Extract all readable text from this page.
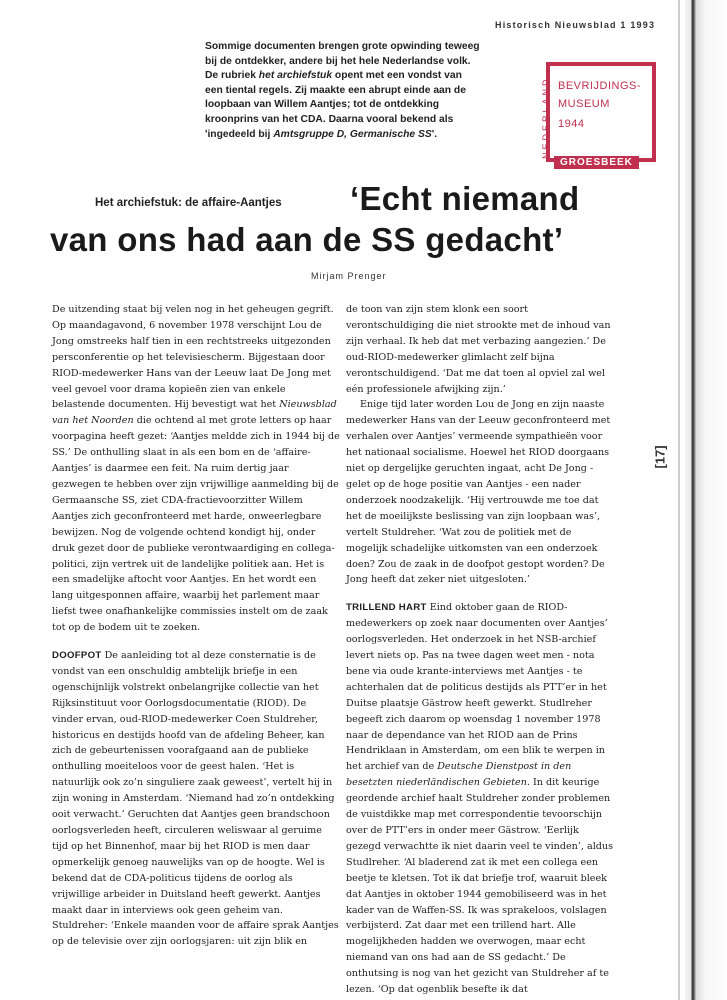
Historisch Nieuwsblad 1 1993
Sommige documenten brengen grote opwinding teweeg bij de ontdekker, andere bij het hele Nederlandse volk. De rubriek het archiefstuk opent met een vondst van een tiental regels. Zij maakte een abrupt einde aan de loopbaan van Willem Aantjes; tot de ontdekking kroonprins van het CDA. Daarna vooral bekend als 'ingedeeld bij Amtsgruppe D, Germanische SS'.	NEDERLAND BEVRIJDINGS-
MUSEUM
1944
GROESBEEK
Het archiefstuk: de affaire-Aantjes ‘Echt niemand
van ons had aan de SS gedacht’
Mirjam Prenger
[17]

De uitzending staat bij velen nog in het geheugen gegrift. Op maandagavond, 6 november 1978 verschijnt Lou de Jong omstreeks half tien in een rechtstreeks uitgezonden persconferentie op het televisiescherm. Bijgestaan door RIOD-medewerker Hans van der Leeuw laat De Jong met veel gevoel voor drama kopieën zien van enkele belastende documenten. Hij bevestigt wat het Nieuwsblad van het Noorden die ochtend al met grote letters op haar voorpagina heeft gezet: ‘Aantjes meldde zich in 1944 bij de SS.’ De onthulling slaat in als een bom en de ‘affaire-Aantjes’ is daarmee een feit. Na ruim dertig jaar gezwegen te hebben over zijn vrijwillige aanmelding bij de Germaansche SS, ziet CDA-fractievoorzitter Willem Aantjes zich geconfronteerd met harde, onweerlegbare bewijzen. Nog de volgende ochtend kondigt hij, onder druk gezet door de publieke verontwaardiging en collega-politici, zijn vertrek uit de landelijke politiek aan. Het is een smadelijke aftocht voor Aantjes. En het wordt een lang uitgesponnen affaire, waarbij het parlement maar liefst twee onafhankelijke commissies instelt om de zaak tot op de bodem uit te zoeken.

DOOFPOT De aanleiding tot al deze consternatie is de vondst van een onschuldig ambtelijk briefje in een ogenschijnlijk volstrekt onbelangrijke collectie van het Rijksinstituut voor Oorlogsdocumentatie (RIOD). De vinder ervan, oud-RIOD-medewerker Coen Stuldreher, historicus en destijds hoofd van de afdeling Beheer, kan zich de gebeurtenissen voorafgaand aan de publieke onthulling moeiteloos voor de geest halen. ‘Het is natuurlijk ook zo’n singuliere zaak geweest’, vertelt hij in zijn woning in Amsterdam. ‘Niemand had zo’n ontdekking ooit verwacht.’ Geruchten dat Aantjes geen brandschoon oorlogsverleden heeft, circuleren weliswaar al geruime tijd op het Binnenhof, maar bij het RIOD is men daar opmerkelijk genoeg nauwelijks van op de hoogte. Wel is bekend dat de CDA-politicus tijdens de oorlog als vrijwillige arbeider in Duitsland heeft gewerkt. Aantjes maakt daar in interviews ook geen geheim van. Stuldreher: ‘Enkele maanden voor de affaire sprak Aantjes op de televisie over zijn oorlogsjaren: uit zijn blik en

de toon van zijn stem klonk een soort verontschuldiging die niet strookte met de inhoud van zijn verhaal. Ik heb dat met verbazing aangezien.’ De oud-RIOD-medewerker glimlacht zelf bijna verontschuldigend. ‘Dat me dat toen al opviel zal wel eén professionele afwijking zijn.’

Enige tijd later worden Lou de Jong en zijn naaste medewerker Hans van der Leeuw geconfronteerd met verhalen over Aantjes’ vermeende sympathieën voor het nationaal socialisme. Hoewel het RIOD doorgaans niet op dergelijke geruchten ingaat, acht De Jong - gelet op de hoge positie van Aantjes - een nader onderzoek noodzakelijk. ‘Hij vertrouwde me toe dat het de moeilijkste beslissing van zijn loopbaan was’, vertelt Stuldreher. ‘Wat zou de politiek met de mogelijk schadelijke uitkomsten van een onderzoek doen? Zou de zaak in de doofpot gestopt worden? De Jong heeft dat zeker niet uitgesloten.’

TRILLEND HART Eind oktober gaan de RIOD-medewerkers op zoek naar documenten over Aantjes’ oorlogsverleden. Het onderzoek in het NSB-archief levert niets op. Pas na twee dagen weet men - nota bene via oude krante-interviews met Aantjes - te achterhalen dat de politicus destijds als PTT’er in het Duitse plaatsje Gästrow heeft gewerkt. Studlreher begeeft zich daarom op woensdag 1 november 1978 naar de dependance van het RIOD aan de Prins Hendriklaan in Amsterdam, om een blik te werpen in het archief van de Deutsche Dienstpost in den besetzten niederländischen Gebieten. In dit keurige geordende archief haalt Stuldreher zonder problemen de vuistdikke map met correspondentie tevoorschijn over de PTT’ers in onder meer Gästrow. ‘Eerlijk gezegd verwachtte ik niet daarin veel te vinden’, aldus Studlreher. ‘Al bladerend zat ik met een collega een beetje te kletsen. Tot ik dat briefje trof, waaruit bleek dat Aantjes in oktober 1944 gemobiliseerd was in het kader van de Waffen-SS. Ik was sprakeloos, volslagen verbijsterd. Zat daar met een trillend hart. Alle mogelijkheden hadden we overwogen, maar echt niemand van ons had aan de SS gedacht.’ De onthutsing is nog van het gezicht van Stuldreher af te lezen. ‘Op dat ogenblik besefte ik dat
